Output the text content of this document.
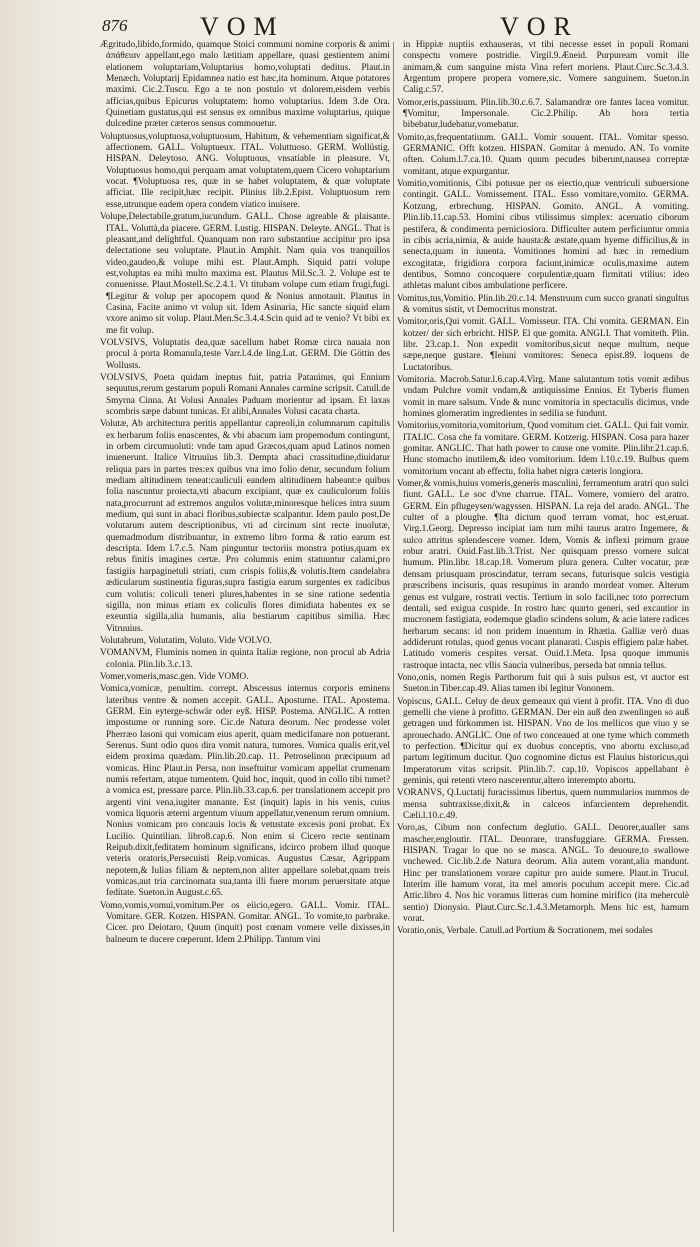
876	VOM	VOR

Ægritudo,libido,formido, quamque Stoici communi nomine corporis & animi ἀπάθειαν appellant,ego malo lætitiam appellare, quasi gestientem animi elationem voluptariam,Voluptarius homo,voluptati deditus. Plaut.in Menæch. Voluptarij Epidamnea natio est hæc,ita hominum. Atque potatores maximi. Cic.2.Tuscu. Ego a te non postulo vt dolorem,eisdem verbis afficias,quibus Epicurus voluptatem: homo voluptarius. Idem 3.de Ora. Quinetiam gustatus,qui est sensus ex omnibus maxime voluptarius, quique dulcedine præter cæteros sensus commouetur.

Voluptuosus,voluptuosa,voluptuosum, Habitum, & vehementiam significat,& affectionem. GALL. Voluptueux. ITAL. Voluttuoso. GERM. Wollüstig. HISPAN. Deleytoso. ANG. Voluptuous, vnsatiable in pleasure. Vt, Voluptuosus homo,qui perquam amat voluptatem,quem Cicero voluptarium vocat. ¶Voluptuosa res, quæ in se habet voluptatem, & quæ voluptate afficiat. Ille recipit,hæc recipit. Plinius lib.2.Epist. Voluptuosum rem esse,utrunque eadem opera condem viatico inuisere.

Volupe,Delectabile,gratum,iucundum. GALL. Chose agreable & plaisante. ITAL. Voluttà,da piacere. GERM. Lustig. HISPAN. Deleyte. ANGL. That is pleasant,and delightful. Quanquam non raro substantiue accipitur pro ipsa delectatione seu voluptate. Plaut.in Amphit. Nam quia vos tranquillos video,gaudeo,& volupe mihi est. Plaut.Amph. Siquid patri volupe est,voluptas ea mihi multo maxima est. Plautus Mil.Sc.3. 2. Volupe est te conuenisse. Plaut.Mostell.Sc.2.4.1. Vt titubam volupe cum etiam frugi,fugi. ¶Legitur & volup per apocopem quod & Nonius annotauit. Plautus in Casina, Facite animo vt volup sit. Idem Asinaria, Hic sancte siquid elam vxore animo sit volup. Plaut.Men.Sc.3.4.4.Scin quid ad te venio? Vt bibi ex me fit volup.

VOLVSIVS, Voluptatis dea,quæ sacellum habet Romæ circa nauaia non procul à porta Romanula,teste Varr.l.4.de ling.Lat. GERM. Die Göttin des Wollusts.

VOLVSIVS, Poeta quidam ineptus fuit, patria Patauinus, qui Ennium sequutus,rerum gestarum populi Romani Annales carmine scripsit. Catull.de Smyrna Cinna. At Volusi Annales Paduam morientur ad ipsam. Et laxas scombris sæpe dabunt tunicas. Et alibi,Annales Volusi cacata charta.

Volutæ, Ab architectura peritis appellantur capreoli,in columnarum capitulis ex herbarum foliis enascentes, & vbi abacum iam propemodum contingunt, in orbem circumuoluti: vnde tam apud Græcos,quam apud Latinos nomen inuenerunt. Italice Vitruuius lib.3. Dempta abaci crassitudine,diuidatur reliqua pars in partes tres:ex quibus vna imo folio detur, secundum folium mediam altitudinem teneat:cauliculi eandem altitudinem habeant:e quibus folia nascuntur proiecta,vti abacum excipiant, quæ ex cauliculorum foliis nata,procurrunt ad extremos angulos volutæ,minoresque helices intra suum medium, qui sunt in abaci floribus,subiectæ scalpantur. Idem paulo post,De volutarum autem descriptionibus, vti ad circinum sint recte inuolutæ, quemadmodum distribuantur, in extremo libro forma & ratio earum est descripta. Idem l.7.c.5. Nam pinguntur tectoriis monstra potius,quam ex rebus finitis imagines certæ. Pro columnis enim statuuntur calami,pro fastigiis harpaginetuli striati, cum crispis foliis,& volutis.Item candelabra ædicularum sustinentia figuras,supra fastigia earum surgentes ex radicibus cum volutis: coliculi teneri plures,habentes in se sine ratione sedentia sigilla, non minus etiam ex coliculis flores dimidiata habentes ex se exeuntia sigilla,alia humanis, alia bestiarum capitibus similia. Hæc Vitruuius.

Volutabrum, Volutatim, Voluto. Vide VOLVO.

VOMANVM, Fluminis nomen in quinta Italiæ regione, non procul ab Adria colonia. Plin.lib.3.c.13.

Vomer,vomeris,masc.gen. Vide VOMO.

Vomica,vomicæ, penultim. corrept. Abscessus internus corporis eminens lateribus ventre & nomen accepit. GALL. Apostume. ITAL. Apostema. GERM. Ein eyterge-schwär oder eyß. HISP. Postema. ANGLIC. A rotten impostume or running sore. Cic.de Natura deorum. Nec prodesse volet Pherræo Iasoni qui vomicam eius aperit, quam medicifanare non potuerant. Serenus. Sunt odio quos dira vomit natura, tumores. Vomica qualis erit,vel eidem proxima quædam. Plin.lib.20.cap. 11. Petroselinon præcipuum ad vomicas. Hinc Plaut.in Persa, non inseftuitur vomicam appellat crumenam numis refertam, atque tumentem. Quid hoc, inquit, quod in collo tibi tumet? a vomica est, pressare parce. Plin.lib.33.cap.6. per translationem accepit pro argenti vini vena,iugiter manante. Est (inquit) lapis in his venis, cuius vomica liquoris æterni argentum viuum appellatur,venenum rerum omnium. Nonius vomicam pro concauis locis & vetustate excesis poni probat. Ex Lucilio. Quintilian. libro8.cap.6. Non enim si Cicero recte sentinam Reipub.dixit,feditatem hominum significans, idcirco probem illud quoque veteris oratoris,Persecuisti Reip.vomicas. Augustus Cæsar, Agrippam nepotem,& Iulias filiam & neptem,non aliter appellare solebat,quam treis vomicas,aut tria carcinomata sua,tanta illi fuere morum peruersitate atque feditate. Sueton.in August.c.65.

Vomo,vomis,vomui,vomitum.Per os eiicio,egero. GALL. Vomir. ITAL. Vomitare. GER. Kotzen. HISPAN. Gomitar. ANGL. To vomite,to parbrake. Cicer. pro Deiotaro, Quum (inquit) post cœnam vomere velle dixisses,in balneum te ducere cœperunt. Idem 2.Philipp. Tantum vini

in Hippiæ nuptiis exhauseras, vt tibi necesse esset in populi Romani conspectu vomere postridie. Virgil.9.Æneid. Purpuream vomit ille animam,& cum sanguine mista Vina refert moriens. Plaut.Curc.Sc.3.4.3. Argentum propere propera vomere,sic. Vomere sanguinem. Sueton.in Calig.c.57.

Vomor,eris,passiuum. Plin.lib.30.c.6.7. Salamandræ ore fantes lacea vomitur. ¶Vomitur, Impersonale. Cic.2.Philip. Ab hora tertia bibebatur,ludebatur,vomebatur.

Vomito,as,frequentatiuum. GALL. Vomir souuent. ITAL. Vomitar spesso. GERMANIC. Offt kotzen. HISPAN. Gomitar à menudo. AN. To vomite often. Colum.l.7.ca.10. Quam quum pecudes biberunt,nausea correptæ vomitant, atque expurgantur.

Vomitio,vomitionis, Cibi potusue per os eiectio,quæ ventriculi subuersione contingit. GALL. Vomissement. ITAL. Esso vomitare,vomito. GERMA. Kotzung, erbrechung. HISPAN. Gomito. ANGL. A vomiting. Plin.lib.11.cap.53. Homini cibus vtilissimus simplex: aceruatio ciborum pestifera, & condimenta perniciosiora. Difficulter autem perficiuntur omnia in cibis acria,nimia, & auide hausta:& æstate,quam hyeme difficilius,& in senecta,quam in iuuenta. Vomitiones homini ad hæc in remedium excogitatæ, frigidiora corpora faciunt,inimicæ oculis,maxime autem dentibus, Somno concoquere corpulentiæ,quam firmitati vtilius: ideo athletas malunt cibos ambulatione perficere.

Vomitus,tus,Vomitio. Plin.lib.20.c.14. Menstruum cum succo granati singultus & vomitus sistit, vt Democritus monstrat.

Vomitor,oris,Qui vomit. GALL. Vomisseur. ITA. Chi vomita. GERMAN. Ein kotzer/ der sich erbricht. HISP. El que gomita. ANGLI. That vomiteth. Plin. libr. 23.cap.1. Non expedit vomitoribus,sicut neque multum, neque sæpe,neque gustare. ¶Ieiuni vomitores: Seneca epist.89. loquens de Luctatoribus.

Vomitoria. Macrob.Satur.l.6.cap.4.Virg. Mane salutantum totis vomit ædibus vndam Pulchre vomit vndam,& antiquissime Ennius. Et Tyberis flumen vomit in mare salsum. Vnde & nunc vomitoria in spectaculis dicimus, vnde homines glomeratim ingredientes in sedilia se fundunt.

Vomitorius,vomitoria,vomitorium, Quod vomitum ciet. GALL. Qui fait vomir. ITALIC. Cosa che fa vomitare. GERM. Kotzerig. HISPAN. Cosa para hazer gomitar. ANGLIC. That hath power to cause one vomite. Plin.libr.21.cap.6. Hunc stomacho inutilem,& ideo vomitorium. Idem l.10.c.19. Bulbus quem vomitorium vocant ab effectu, folia habet nigra cæteris longiora.

Vomer,& vomis,huius vomeris,generis masculini, ferramentum aratri quo sulci fiunt. GALL. Le soc d'vne charrue. ITAL. Vomere, vomiero del aratro. GERM. Ein pflugeysen/wagyssen. HISPAN. La reja del arado. ANGL. The culter of a ploughe. ¶Ita dictum quod terram vomat, hoc est,eruat. Virg.1.Georg. Depresso incipiat iam tum mihi taurus aratro Ingemere, & sulco attritus splendescere vomer. Idem, Vomis & inflexi primum graue robur aratri. Ouid.Fast.lib.3.Trist. Nec quisquam presso vomere sulcat humum. Plin.libr. 18.cap.18. Vomerum plura genera. Culter vocatur, præ densam priusquam proscindatur, terram secans, futurisque sulcis vestigia præscribens incisuris, quas resupinus in arando mordeat vomer. Alterum genus est vulgare, rostrati vectis. Tertium in solo facili,nec toto porrectum dentali, sed exigua cuspide. In rostro hæc quarto generi, sed excautior in mucronem fastigiata, eodemque gladio scindens solum, & acie latere radices herbarum secans: id non pridem inuentum in Rhætia. Galliæ verò duas addiderunt rotulas, quod genus vocant planarati. Cuspis effigiem palæ habet. Latitudo vomeris cespites versat. Ouid.1.Meta. Ipsa quoque immunis rastroque intacta, nec vllis Saucia vulneribus, perseda bat omnia tellus.

Vono,onis, nomen Regis Parthorum fuit qui à suis pulsus est, vt auctor est Sueton.in Tiber.cap.49. Alias tamen ibi legitur Vononem.

Vopiscus, GALL. Celuy de deux gemeaux qui vient à profit. ITA. Vno di duo gemelli che viene à profitto. GERMAN. Der ein auß den zwenlingen so auß getragen und fürkommen ist. HISPAN. Vno de los mellicos que viuo y se aprouechado. ANGLIC. One of two conceaued at one tyme which commeth to perfection. ¶Dicitur qui ex duobus conceptis, vno abortu excluso,ad partum legitimum ducitur. Quo cognomine dictus est Flauius historicus,qui Imperatorum vitas scripsit. Plin.lib.7. cap.10. Vopiscos appellabant è geminis, qui retenti vtero nascerentur,altero interempto abortu.

VORANVS, Q.Luctatij furacissimus libertus, quem nummularios nummos de mensa subtraxisse,dixit,& in calceos infarcientem deprehendit. Cæli.l.10.c.49.

Voro,as, Cibum non confectum deglutio. GALL. Deuorer,aualler sans mascher,engloutir. ITAL. Deuorare, transfuggiare. GERMA. Fressen. HISPAN. Tragar lo que no se masca. ANGL. To deuoure,to swallowe vnchewed. Cic.lib.2.de Natura deorum. Alia autem vorant,alia mandunt. Hinc per translationem vorare capitur pro auide sumere. Plaut.in Trucul. Interim ille hamum vorat, ita mel amoris poculum accepit mere. Cic.ad Attic.libro 4. Nos hic voramus litteras cum homine mirifico (ita meherculè sentio) Dionysio. Plaut.Curc.Sc.1.4.3.Metamorph. Mens hic est, hamum vorat.

Voratio,onis, Verbale. Catull.ad Portium & Socrationem, mei sodales
